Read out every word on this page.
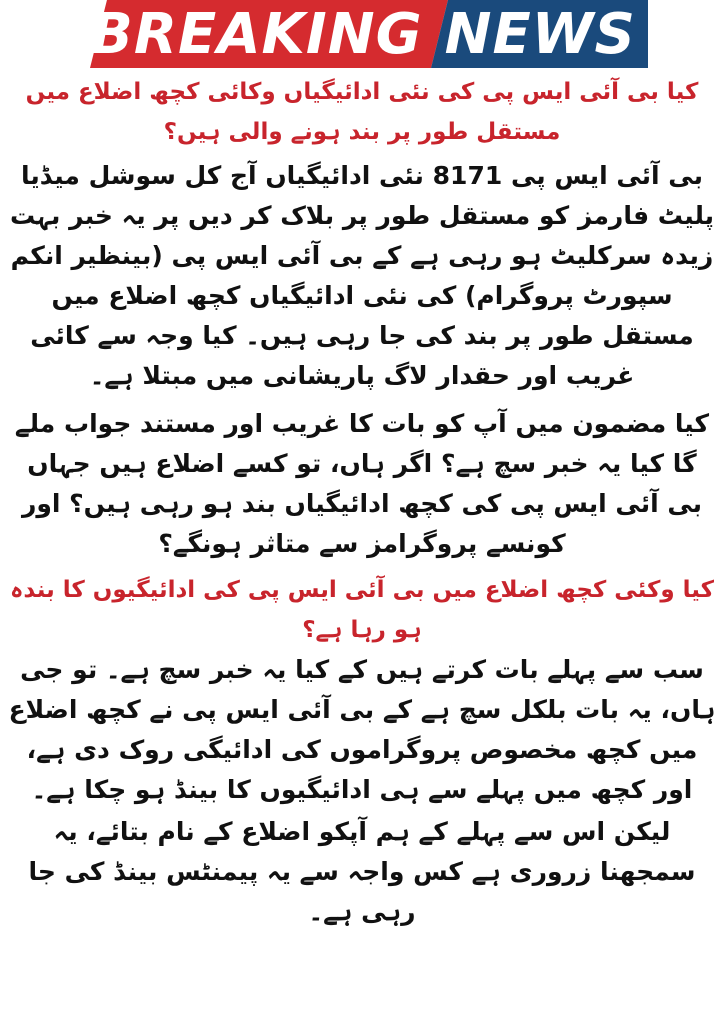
BREAKING NEWS

کیا بی آئی ایس پی کی نئی ادائیگیاں وکائی کچھ اضلاع میں مستقل طور پر بند ہونے والی ہیں؟

بی آئی ایس پی 8171 نئی ادائیگیاں آج کل سوشل میڈیا پلیٹ فارمز کو مستقل طور پر بلاک کر دیں پر یہ خبر بہت زیدہ سرکلیٹ ہو رہی ہے کے بی آئی ایس پی (بینظیر انکم سپورٹ پروگرام) کی نئی ادائیگیاں کچھ اضلاع میں مستقل طور پر بند کی جا رہی ہیں۔ کیا وجہ سے کائی غریب اور حقدار لاگ پاریشانی میں مبتلا ہے۔

کیا مضمون میں آپ کو بات کا غریب اور مستند جواب ملے گا کیا یہ خبر سچ ہے؟ اگر ہاں، تو کسے اضلاع ہیں جہاں بی آئی ایس پی کی کچھ ادائیگیاں بند ہو رہی ہیں؟ اور کونسے پروگرامز سے متاثر ہونگے؟

کیا وکئی کچھ اضلاع میں بی آئی ایس پی کی ادائیگیوں کا بندہ ہو رہا ہے؟

سب سے پہلے بات کرتے ہیں کے کیا یہ خبر سچ ہے۔ تو جی ہاں، یہ بات بلکل سچ ہے کے بی آئی ایس پی نے کچھ اضلاع میں کچھ مخصوص پروگراموں کی ادائیگی روک دی ہے، اور کچھ میں پہلے سے ہی ادائیگیوں کا بینڈ ہو چکا ہے۔

لیکن اس سے پہلے کے ہم آپکو اضلاع کے نام بتائے، یہ سمجھنا زروری ہے کس واجہ سے یہ پیمنٹس بینڈ کی جا رہی ہے۔
